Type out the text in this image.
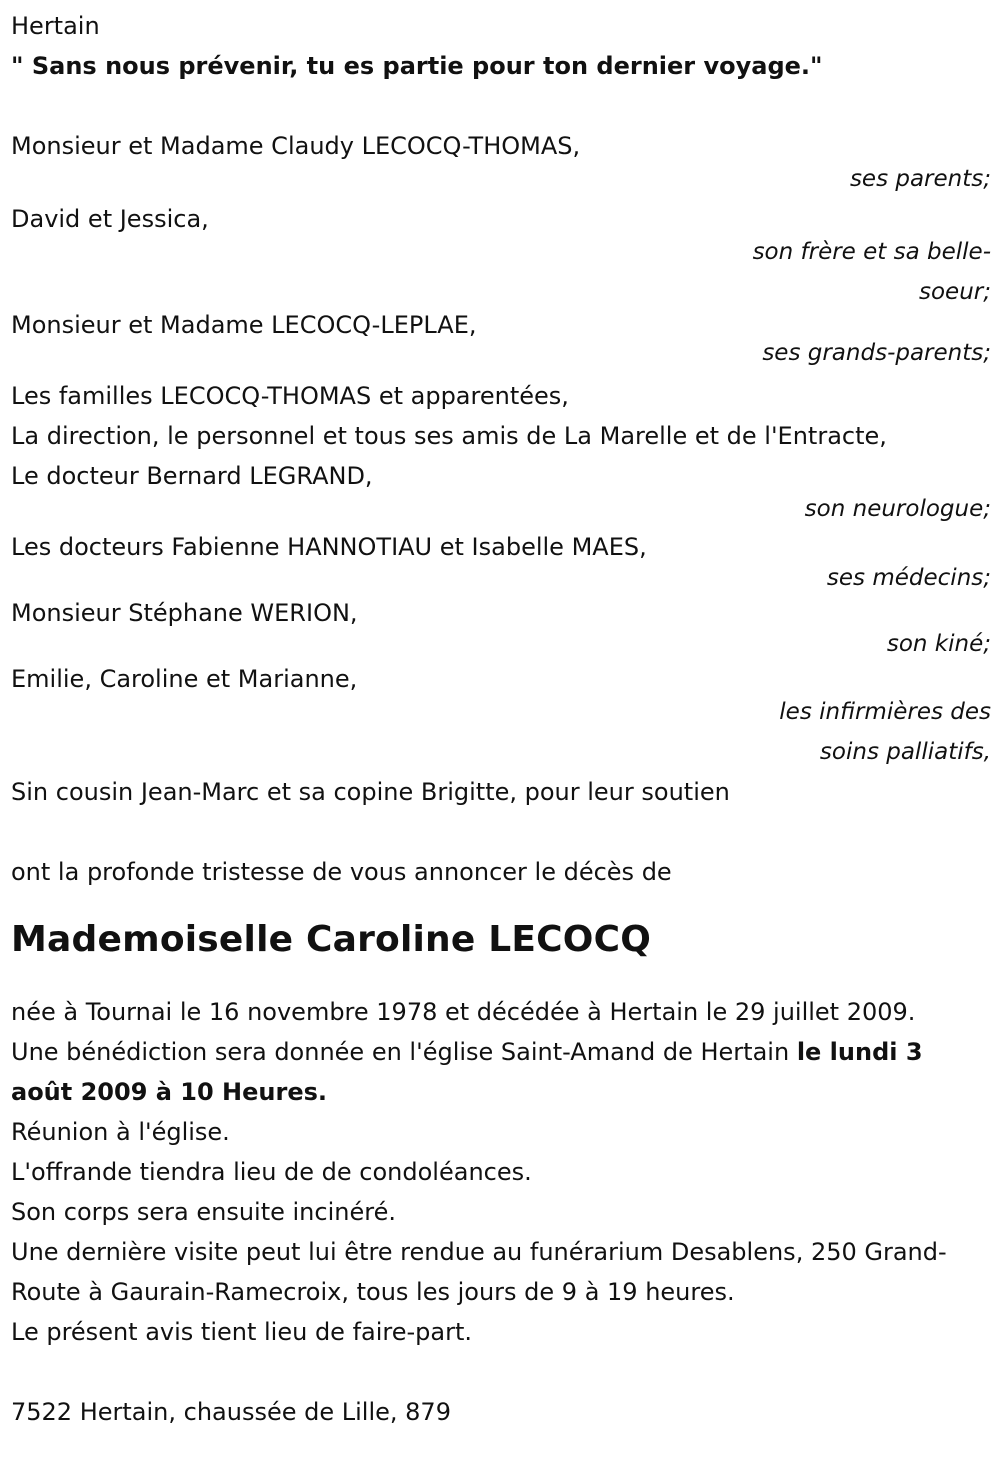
Hertain

" Sans nous prévenir, tu es partie pour ton dernier voyage."

Monsieur et Madame Claudy LECOCQ-THOMAS,

ses parents;

David et Jessica,

son frère et sa belle-soeur;

Monsieur et Madame LECOCQ-LEPLAE,

ses grands-parents;

Les familles LECOCQ-THOMAS et apparentées,

La direction, le personnel et tous ses amis de La Marelle et de l'Entracte,

Le docteur Bernard LEGRAND,

son neurologue;

Les docteurs Fabienne HANNOTIAU et Isabelle MAES,

ses médecins;

Monsieur Stéphane WERION,

son kiné;

Emilie, Caroline et Marianne,

les infirmières des soins palliatifs,

Sin cousin Jean-Marc et sa copine Brigitte, pour leur soutien

ont la profonde tristesse de vous annoncer le décès de

Mademoiselle Caroline LECOCQ

née à Tournai le 16 novembre 1978 et décédée à Hertain le 29 juillet 2009.

Une bénédiction sera donnée en l'église Saint-Amand de Hertain le lundi 3 août 2009 à 10 Heures.

Réunion à l'église.

L'offrande tiendra lieu de de condoléances.

Son corps sera ensuite incinéré.

Une dernière visite peut lui être rendue au funérarium Desablens, 250 Grand-Route à Gaurain-Ramecroix, tous les jours de 9 à 19 heures.

Le présent avis tient lieu de faire-part.

7522 Hertain, chaussée de Lille, 879
